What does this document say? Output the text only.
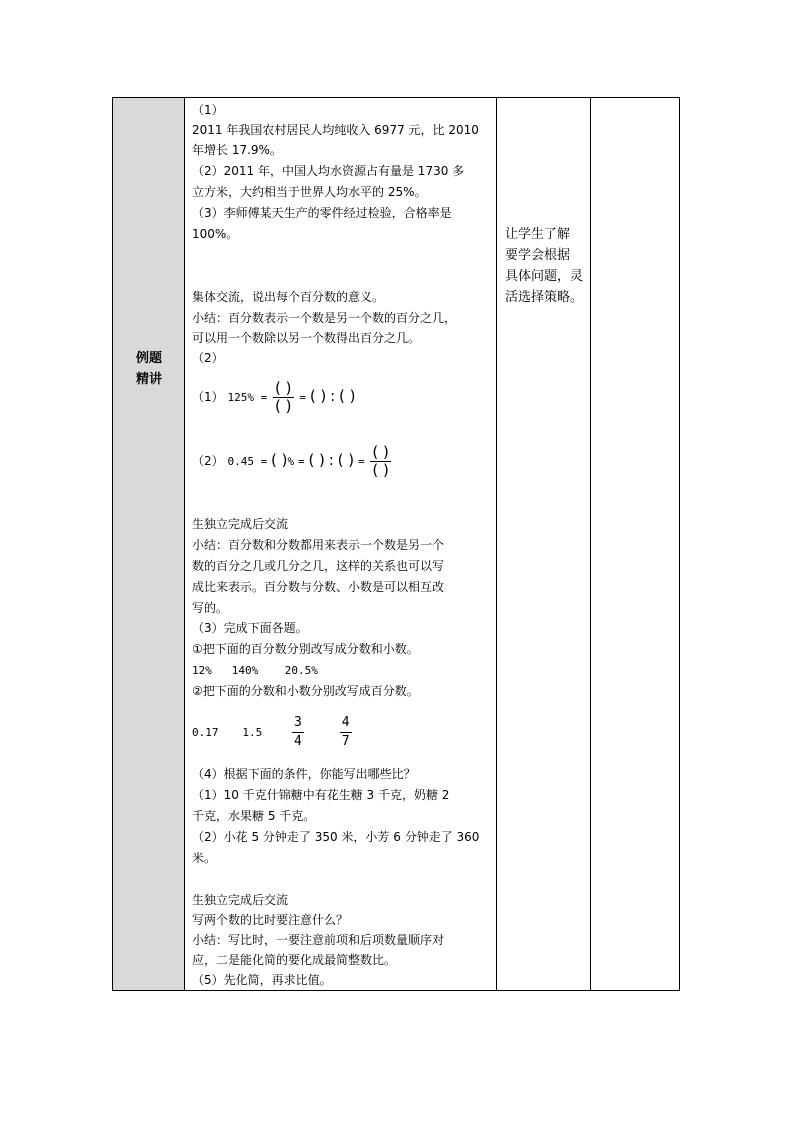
例题
精讲
（1）
2011 年我国农村居民人均纯收入 6977 元，比 2010
年增长 17.9%。
（2）2011 年，中国人均水资源占有量是 1730 多
立方米，大约相当于世界人均水平的 25%。
（3）李师傅某天生产的零件经过检验，合格率是
100%。
集体交流，说出每个百分数的意义。
小结：百分数表示一个数是另一个数的百分之几，
可以用一个数除以另一个数得出百分之几。
（2）
（1） $125\% = \frac{( )}{( )}$ = ( ) : ( )
（2） 0.45 = ( )% = ( ) : ( ) = $\frac{( )}{( )}$
生独立完成后交流
小结：百分数和分数都用来表示一个数是另一个
数的百分之几或几分之几，这样的关系也可以写
成比来表示。百分数与分数、小数是可以相互改
写的。
（3）完成下面各题。
①把下面的百分数分别改写成分数和小数。
12%   140%    20.5%
②把下面的分数和小数分别改写成百分数。
0.17 $1.5 \frac{3}{4}$
	$\frac{4}{7}$
（4）根据下面的条件，你能写出哪些比？
（1）10 千克什锦糖中有花生糖 3 千克，奶糖 2
千克，水果糖 5 千克。
（2）小花 5 分钟走了 350 米，小芳 6 分钟走了 360
米。
生独立完成后交流
写两个数的比时要注意什么？
小结：写比时，一要注意前项和后项数量顺序对
应，二是能化简的要化成最简整数比。
（5）先化简，再求比值。
让学生了解
要学会根据
具体问题，灵
活选择策略。
